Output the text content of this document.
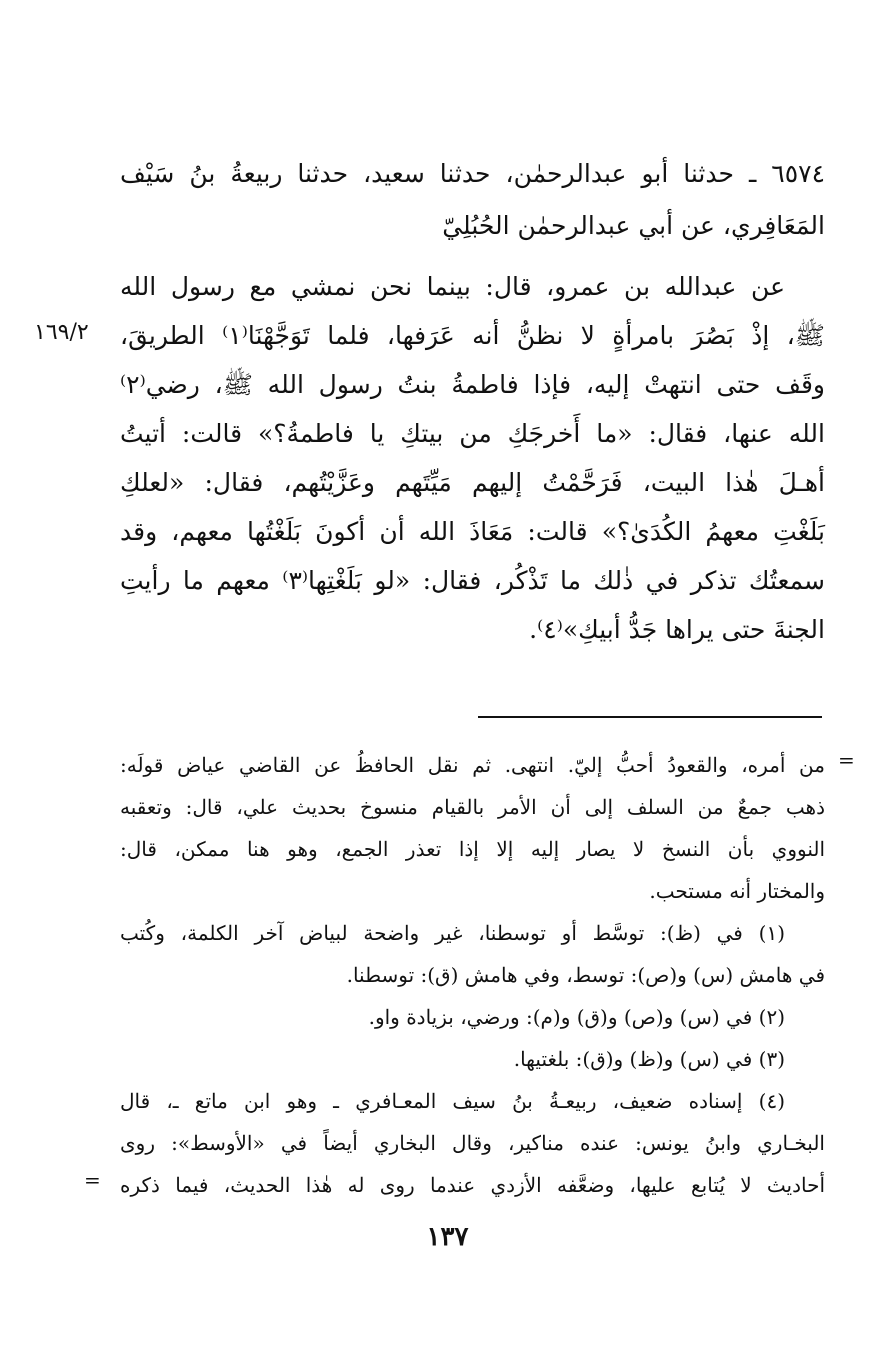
٦٥٧٤ ـ حدثنا أبو عبدالرحمٰن، حدثنا سعيد، حدثنا ربيعةُ بنُ سَيْف
المَعَافِري، عن أبي عبدالرحمٰن الحُبُلِيّ
عن عبدالله بن عمرو، قال: بينما نحن نمشي مع رسول الله
ﷺ، إذْ بَصُرَ بامرأةٍ لا نظنُّ أنه عَرَفها، فلما تَوَجَّهْنَا⁽١⁾ الطريقَ،
وقَف حتى انتهتْ إليه، فإذا فاطمةُ بنتُ رسول الله ﷺ، رضي⁽٢⁾
الله عنها، فقال: «ما أَخرجَكِ من بيتكِ يا فاطمةُ؟» قالت: أتيتُ
أهـلَ هٰذا البيت، فَرَحَّمْتُ إليهم مَيِّتَهم وعَزَّيْتُهم، فقال: «لعلكِ
بَلَغْتِ معهمُ الكُدَىٰ؟» قالت: مَعَاذَ الله أن أكونَ بَلَغْتُها معهم، وقد
سمعتُك تذكر في ذٰلك ما تَذْكُر، فقال: «لو بَلَغْتِها⁽٣⁾ معهم ما رأيتِ
الجنةَ حتى يراها جَدُّ أبيكِ»⁽٤⁾.
١٦٩/٢
=
من أمره، والقعودُ أحبُّ إليّ. انتهى. ثم نقل الحافظُ عن القاضي عياض قولَه:
ذهب جمعٌ من السلف إلى أن الأمر بالقيام منسوخ بحديث علي، قال: وتعقبه
النووي بأن النسخ لا يصار إليه إلا إذا تعذر الجمع، وهو هنا ممكن، قال:
والمختار أنه مستحب.
(١) في (ظ): توسَّط أو توسطنا، غير واضحة لبياض آخر الكلمة، وكُتب
في هامش (س) و(ص): توسط، وفي هامش (ق): توسطنا.
(٢) في (س) و(ص) و(ق) و(م): ورضي، بزيادة واو.
(٣) في (س) و(ظ) و(ق): بلغتيها.
(٤) إسناده ضعيف، ربيعـةُ بنُ سيف المعـافري ـ وهو ابن ماتع ـ، قال
البخـاري وابنُ يونس: عنده مناكير، وقال البخاري أيضاً في «الأوسط»: روى
أحاديث لا يُتابع عليها، وضعَّفه الأزدي عندما روى له هٰذا الحديث، فيما ذكره
=
١٣٧
